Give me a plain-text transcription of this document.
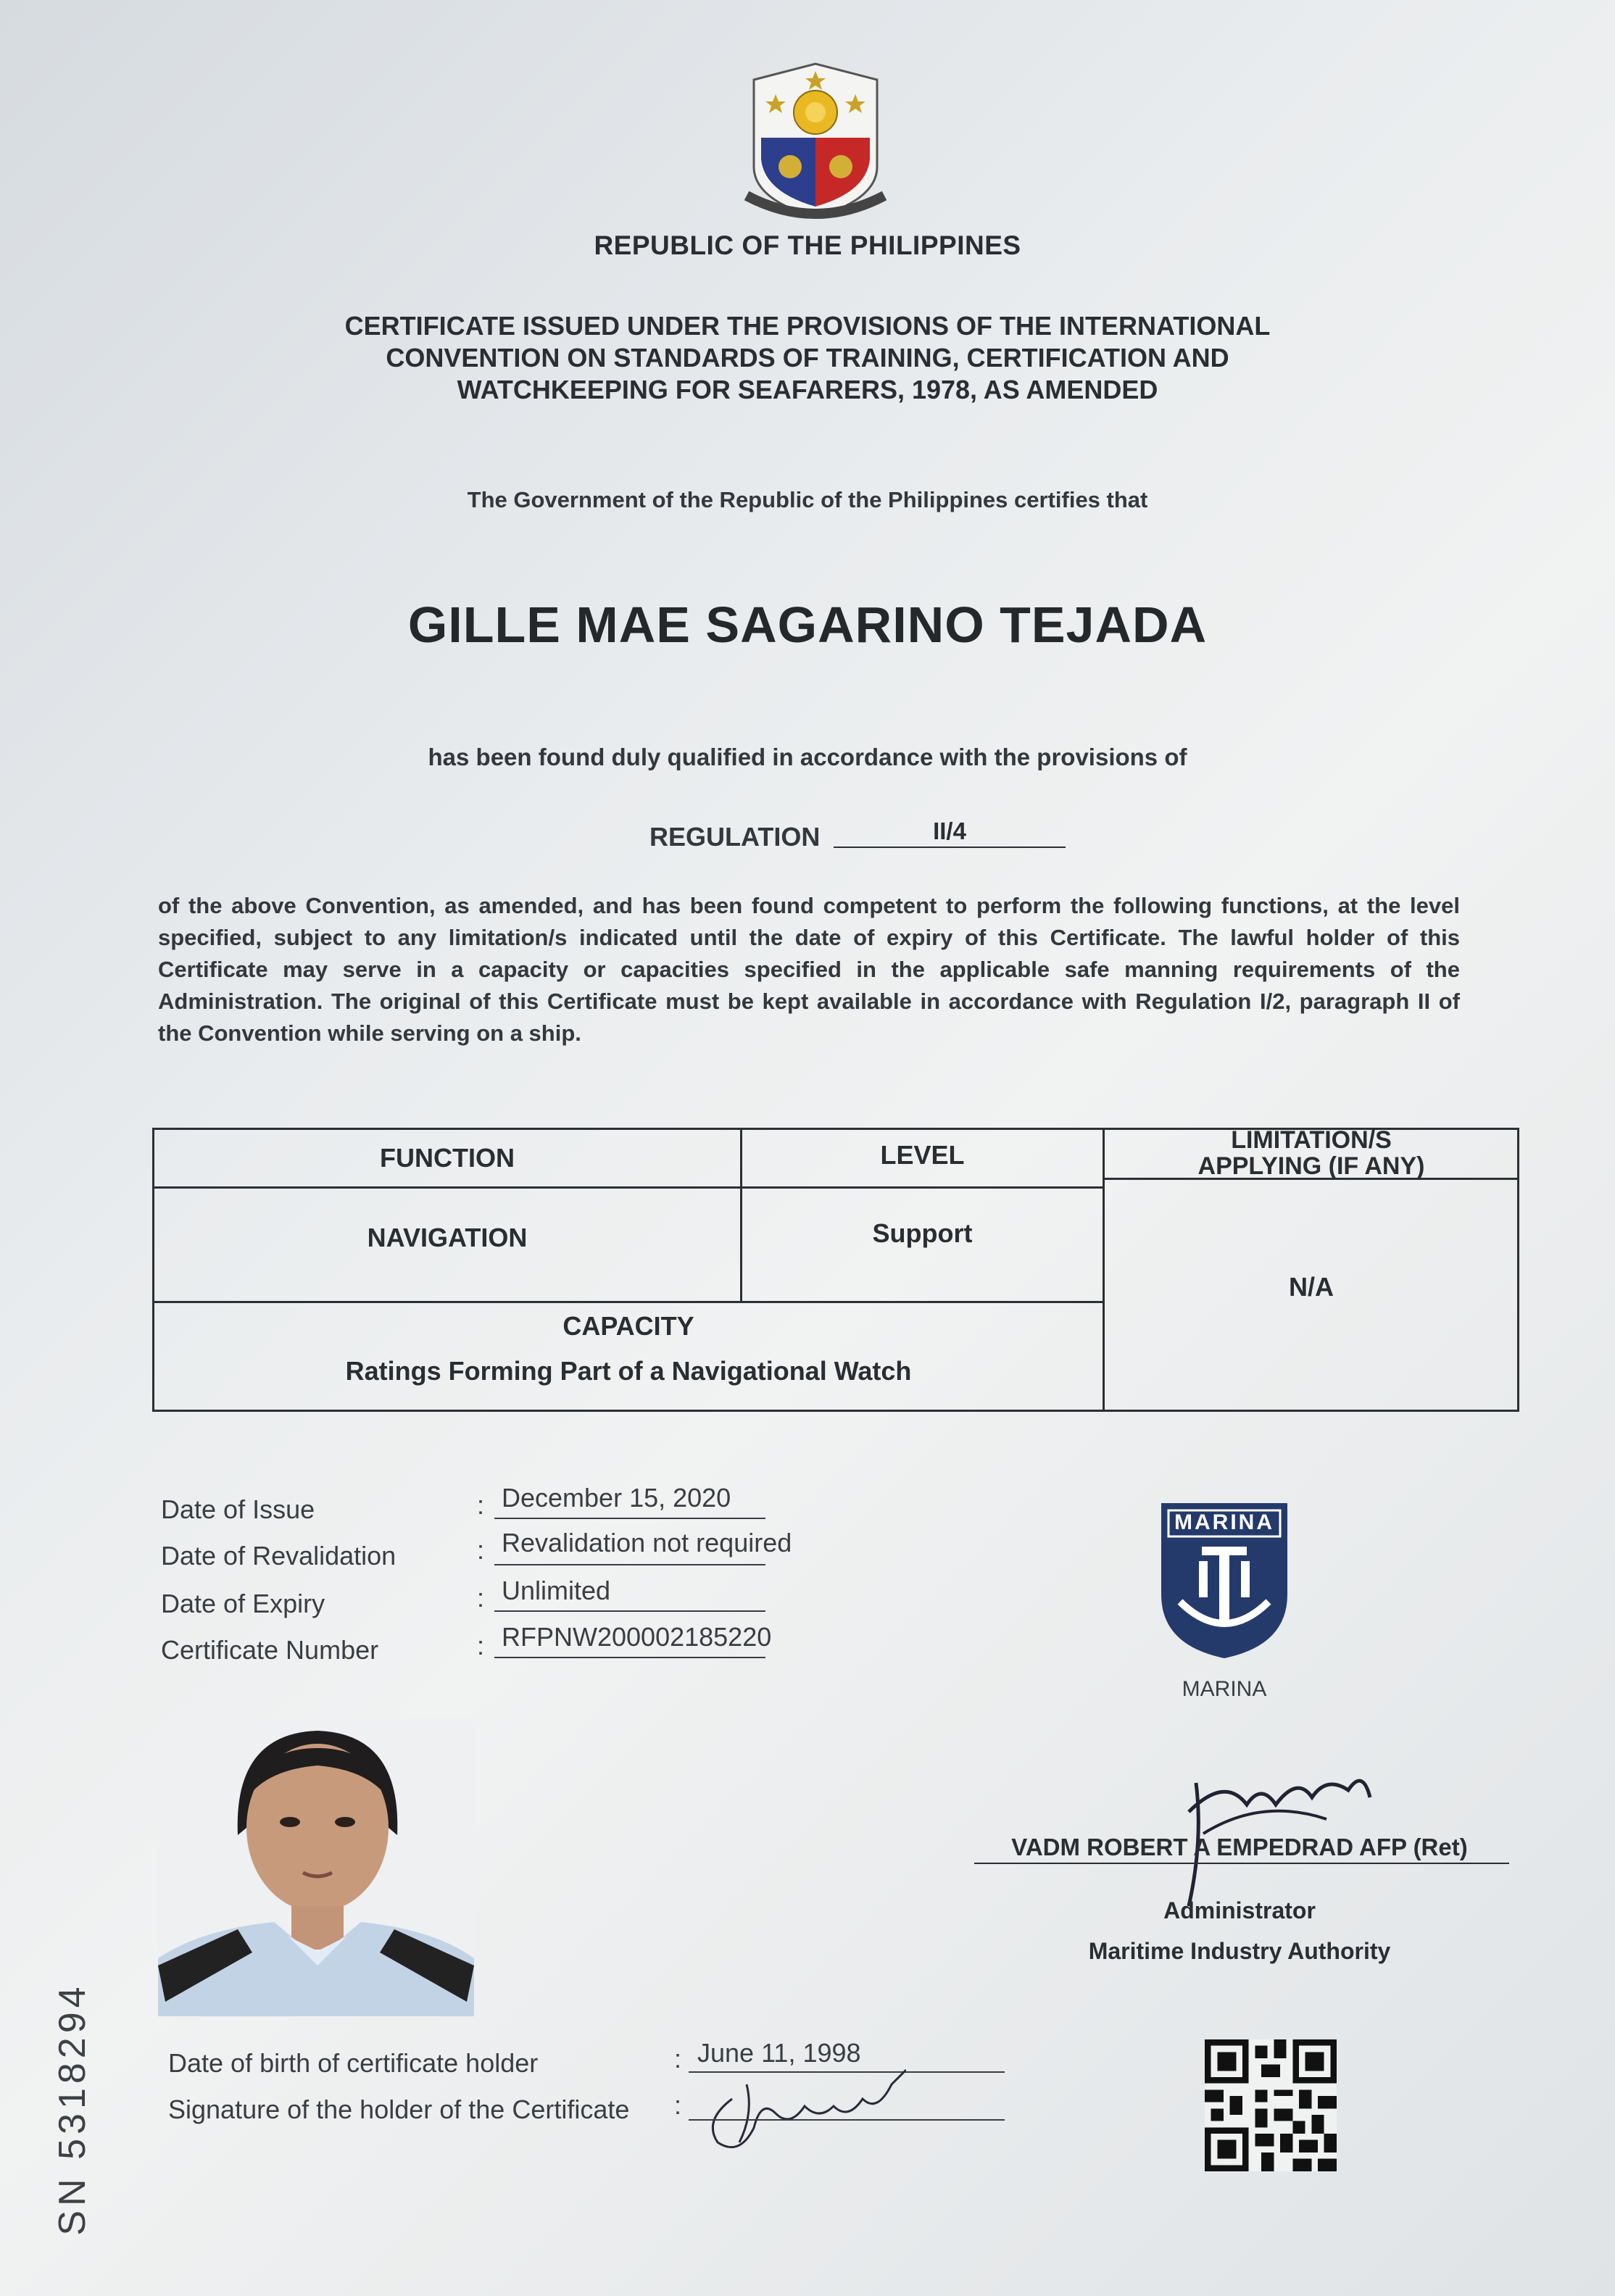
REPUBLIC OF THE PHILIPPINES
CERTIFICATE ISSUED UNDER THE PROVISIONS OF THE INTERNATIONAL
CONVENTION ON STANDARDS OF TRAINING, CERTIFICATION AND
WATCHKEEPING FOR SEAFARERS, 1978, AS AMENDED
The Government of the Republic of the Philippines certifies that
GILLE MAE SAGARINO TEJADA
has been found duly qualified in accordance with the provisions of
REGULATION	II/4
of the above Convention, as amended, and has been found competent to perform the following functions, at the level specified, subject to any limitation/s indicated until the date of expiry of this Certificate. The lawful holder of this Certificate may serve in a capacity or capacities specified in the applicable safe manning requirements of the Administration. The original of this Certificate must be kept available in accordance with Regulation I/2, paragraph II of the Convention while serving on a ship.
FUNCTION	LEVEL	LIMITATION/S
APPLYING (IF ANY)
NAVIGATION	Support
N/A
CAPACITY
Ratings Forming Part of a Navigational Watch
Date of Issue	: December 15, 2020
Date of Revalidation	: Revalidation not required
Date of Expiry	: Unlimited
Certificate Number	: RFPNW200002185220
MARINA
MARINA
VADM ROBERT A EMPEDRAD AFP (Ret)
Administrator
Maritime Industry Authority
Date of birth of certificate holder	: June 11, 1998
Signature of the holder of the Certificate :
SN 5318294
